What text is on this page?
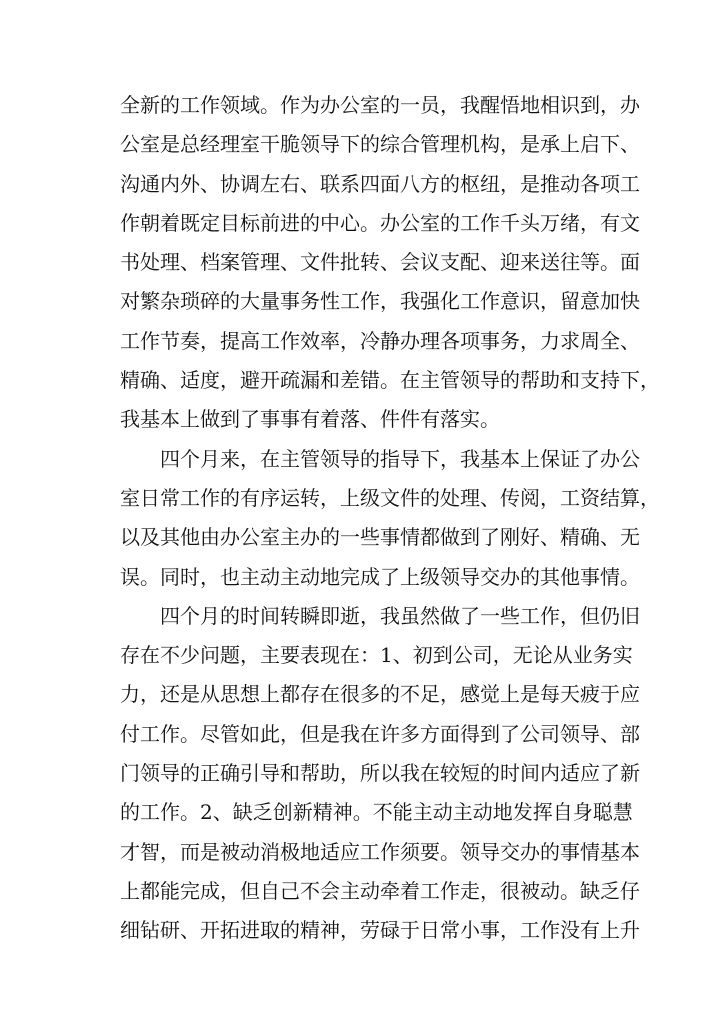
全新的工作领域。作为办公室的一员，我醒悟地相识到，办
公室是总经理室干脆领导下的综合管理机构，是承上启下、
沟通内外、协调左右、联系四面八方的枢纽，是推动各项工
作朝着既定目标前进的中心。办公室的工作千头万绪，有文
书处理、档案管理、文件批转、会议支配、迎来送往等。面
对繁杂琐碎的大量事务性工作，我强化工作意识，留意加快
工作节奏，提高工作效率，冷静办理各项事务，力求周全、
精确、适度，避开疏漏和差错。在主管领导的帮助和支持下，
我基本上做到了事事有着落、件件有落实。
四个月来，在主管领导的指导下，我基本上保证了办公
室日常工作的有序运转，上级文件的处理、传阅，工资结算，
以及其他由办公室主办的一些事情都做到了刚好、精确、无
误。同时，也主动主动地完成了上级领导交办的其他事情。
四个月的时间转瞬即逝，我虽然做了一些工作，但仍旧
存在不少问题，主要表现在：1、初到公司，无论从业务实
力，还是从思想上都存在很多的不足，感觉上是每天疲于应
付工作。尽管如此，但是我在许多方面得到了公司领导、部
门领导的正确引导和帮助，所以我在较短的时间内适应了新
的工作。2、缺乏创新精神。不能主动主动地发挥自身聪慧
才智，而是被动消极地适应工作须要。领导交办的事情基本
上都能完成，但自己不会主动牵着工作走，很被动。缺乏仔
细钻研、开拓进取的精神，劳碌于日常小事，工作没有上升
